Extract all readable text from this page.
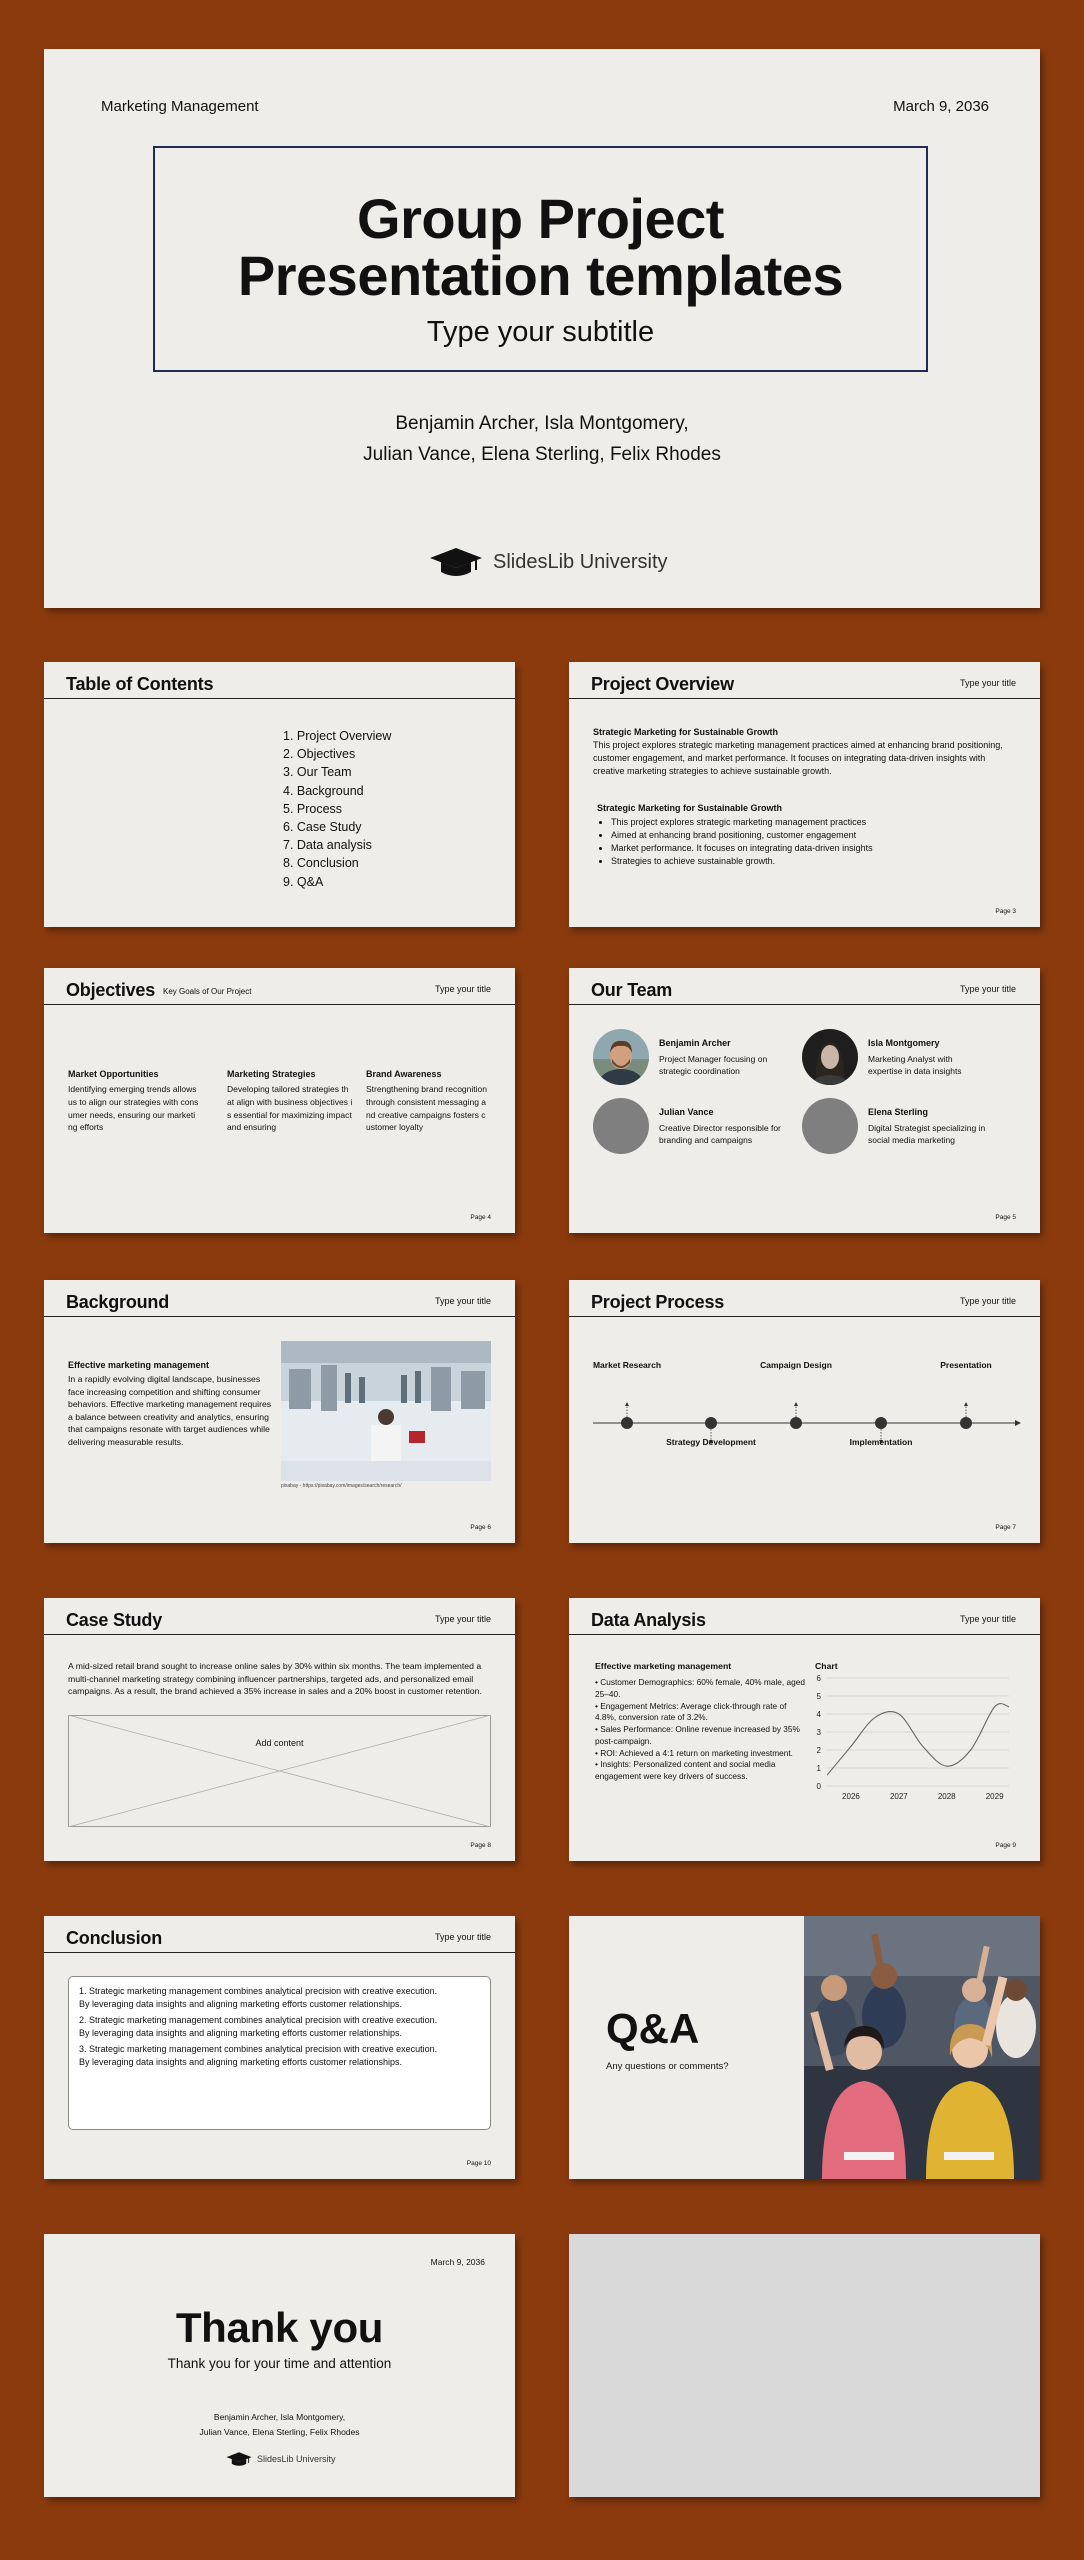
Marketing Management	March 9, 2036
Group Project
Presentation templates
Type your subtitle
Benjamin Archer, Isla Montgomery,
Julian Vance, Elena Sterling, Felix Rhodes
SlidesLib University
Table of Contents
1. Project Overview
2. Objectives
3. Our Team
4. Background
5. Process
6. Case Study
7. Data analysis
8. Conclusion
9. Q&A
Project Overview	Type your title
Strategic Marketing for Sustainable Growth
This project explores strategic marketing management practices aimed at enhancing brand positioning, customer engagement, and market performance. It focuses on integrating data-driven insights with creative marketing strategies to achieve sustainable growth.
Strategic Marketing for Sustainable Growth
• This project explores strategic marketing management practices
• Aimed at enhancing brand positioning, customer engagement
• Market performance. It focuses on integrating data-driven insights
• Strategies to achieve sustainable growth.
Page 3
Objectives Key Goals of Our Project	Type your title
Market Opportunities
Identifying emerging trends allows us to align our strategies with cons umer needs, ensuring our marketi ng efforts
Marketing Strategies
Developing tailored strategies th at align with business objectives i s essential for maximizing impact and ensuring
Brand Awareness
Strengthening brand recognition through consistent messaging a nd creative campaigns fosters c ustomer loyalty
Page 4
Our Team	Type your title
Benjamin Archer
Project Manager focusing on strategic coordination
Isla Montgomery
Marketing Analyst with expertise in data insights
Julian Vance
Creative Director responsible for branding and campaigns
Elena Sterling
Digital Strategist specializing in social media marketing
Page 5
Background	Type your title
Effective marketing management
In a rapidly evolving digital landscape, businesses face increasing competition and shifting consumer behaviors. Effective marketing management requires a balance between creativity and analytics, ensuring that campaigns resonate with target audiences while delivering measurable results.
pixabay - https://pixabay.com/images/search/research/
Page 6
Project Process	Type your title
Market Research	Campaign Design	Presentation
Strategy Development	Implementation
Page 7
Case Study	Type your title
A mid-sized retail brand sought to increase online sales by 30% within six months. The team implemented a multi-channel marketing strategy combining influencer partnerships, targeted ads, and personalized email campaigns. As a result, the brand achieved a 35% increase in sales and a 20% boost in customer retention.
Add content
Page 8
Data Analysis	Type your title
Effective marketing management
• Customer Demographics: 60% female, 40% male, aged 25–40.
• Engagement Metrics: Average click-through rate of 4.8%, conversion rate of 3.2%.
• Sales Performance: Online revenue increased by 35% post-campaign.
• ROI: Achieved a 4:1 return on marketing investment.
• Insights: Personalized content and social media engagement were key drivers of success.
Chart
0
1
2
3
4
5
6
2026	2027	2028	2029
Page 9
Conclusion	Type your title
1. Strategic marketing management combines analytical precision with creative execution. By leveraging data insights and aligning marketing efforts customer relationships.
2. Strategic marketing management combines analytical precision with creative execution. By leveraging data insights and aligning marketing efforts customer relationships.
3. Strategic marketing management combines analytical precision with creative execution. By leveraging data insights and aligning marketing efforts customer relationships.
Page 10
Q&A
Any questions or comments?
March 9, 2036
Thank you
Thank you for your time and attention
Benjamin Archer, Isla Montgomery,
Julian Vance, Elena Sterling, Felix Rhodes
SlidesLib University
